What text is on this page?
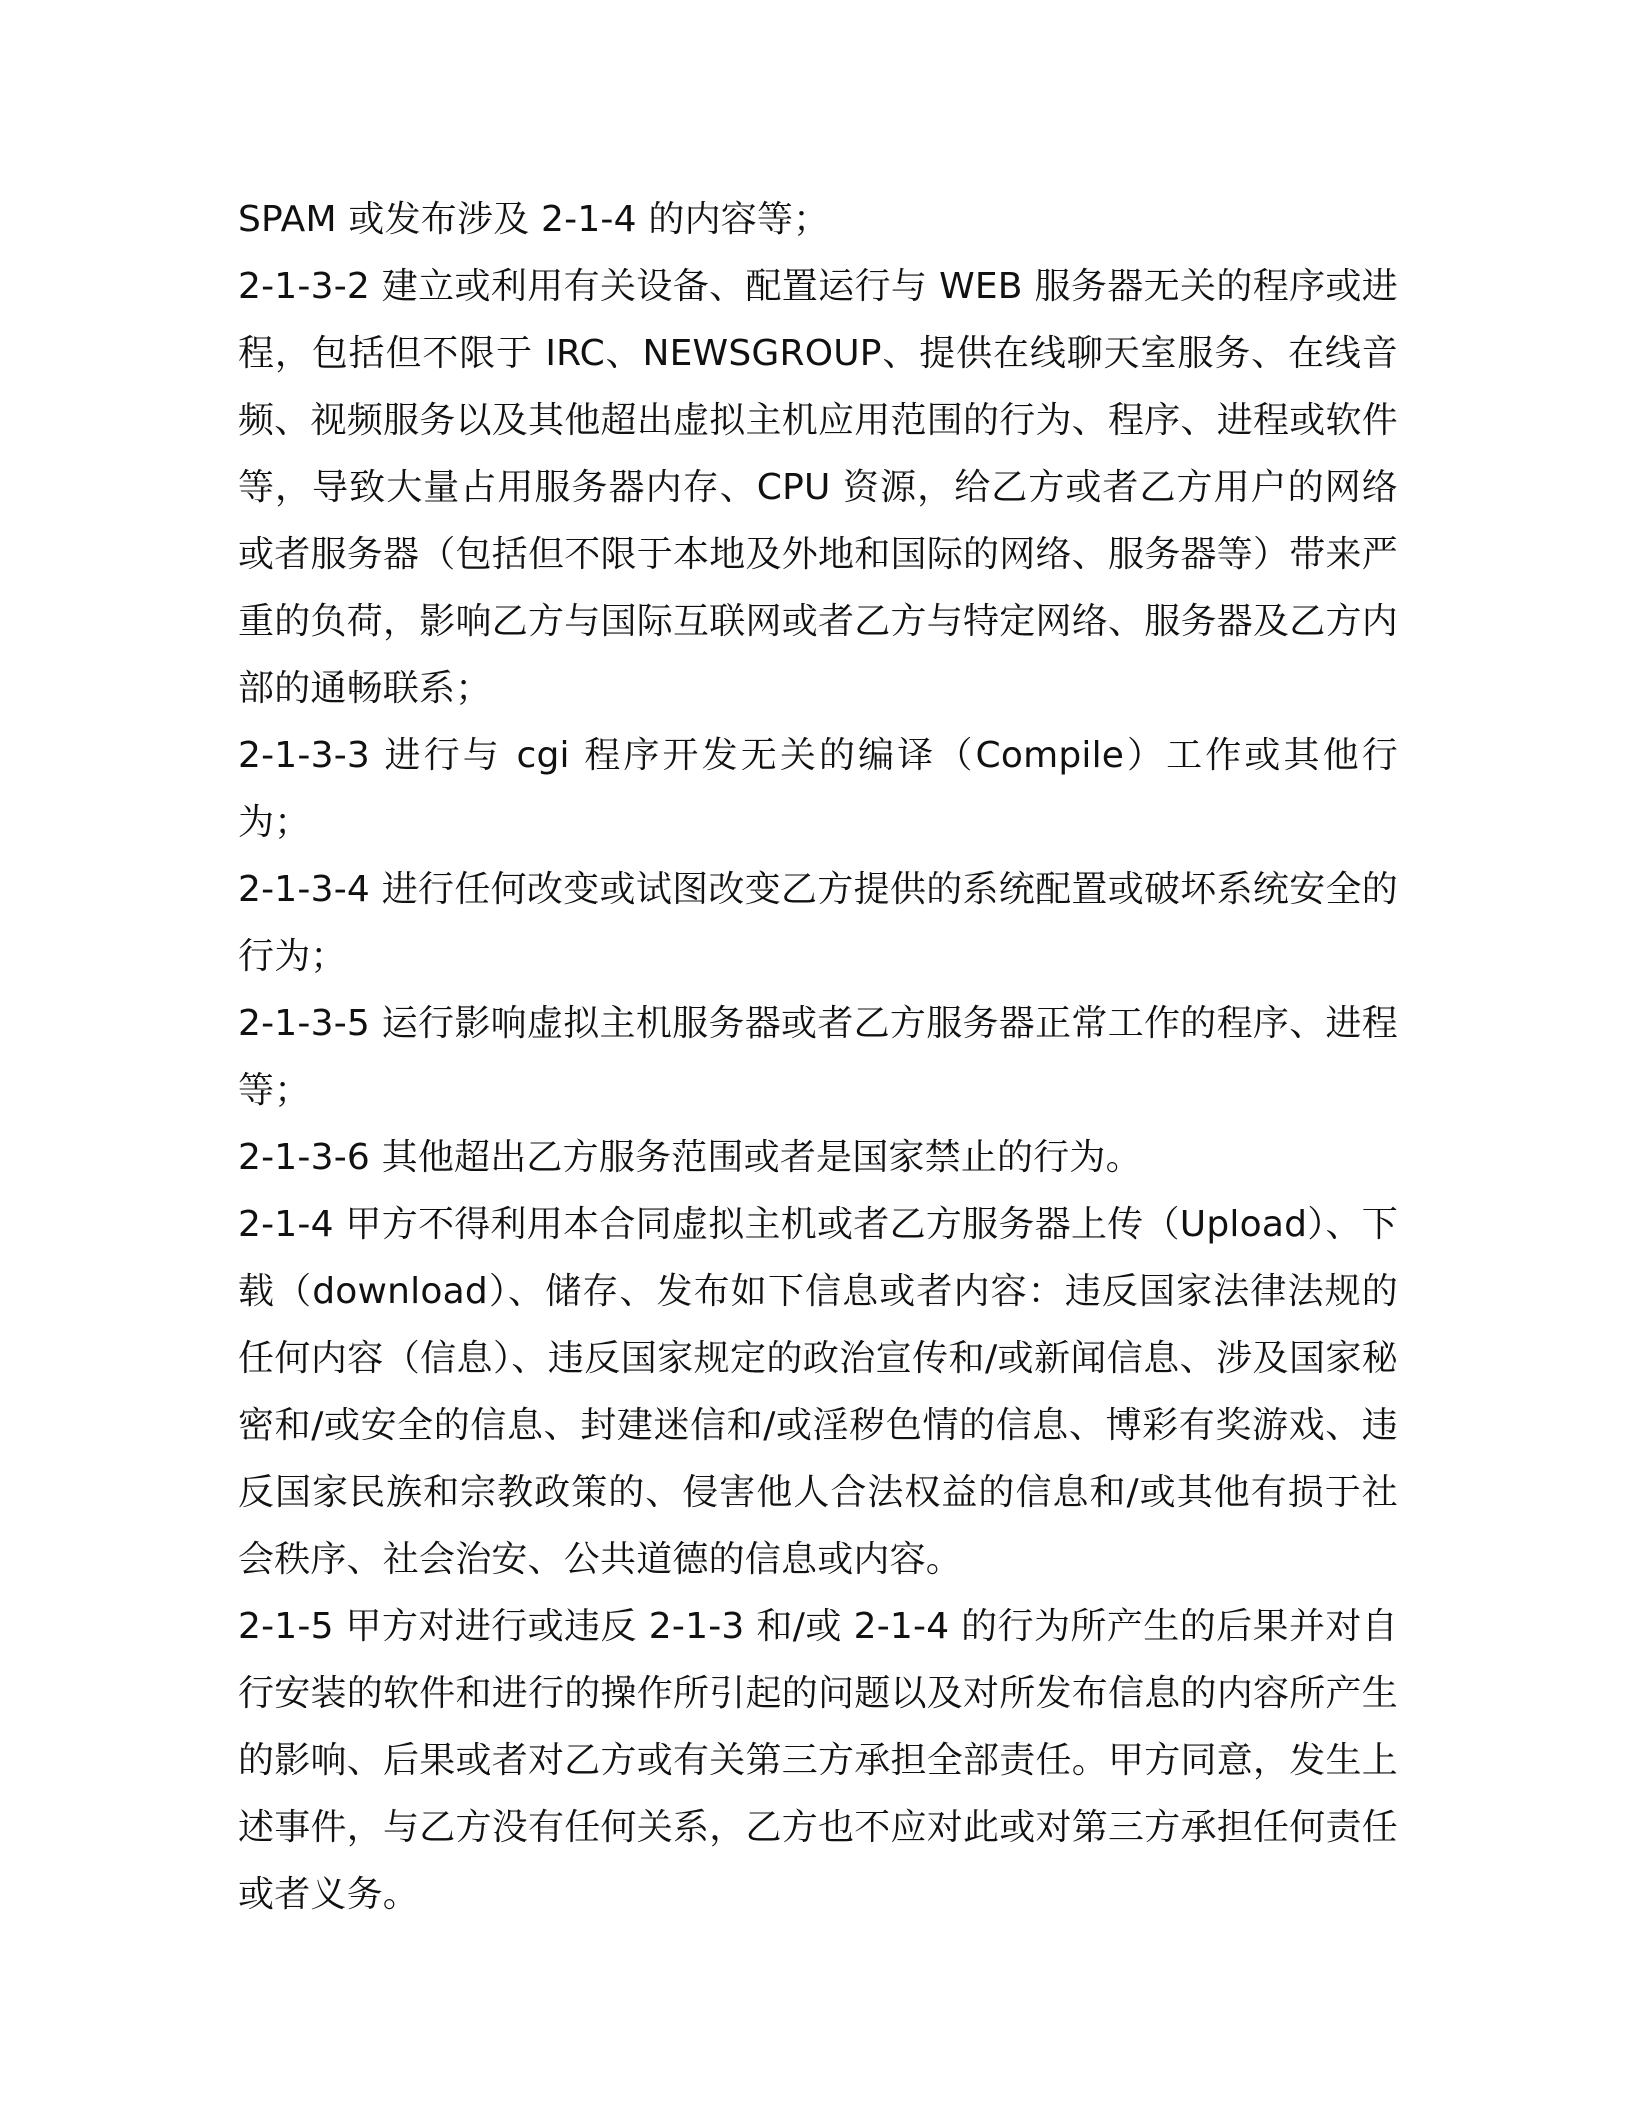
SPAM 或发布涉及 2-1-4 的内容等；

2-1-3-2 建立或利用有关设备、配置运行与 WEB 服务器无关的程序或进程，包括但不限于 IRC、NEWSGROUP、提供在线聊天室服务、在线音频、视频服务以及其他超出虚拟主机应用范围的行为、程序、进程或软件等，导致大量占用服务器内存、CPU 资源，给乙方或者乙方用户的网络或者服务器（包括但不限于本地及外地和国际的网络、服务器等）带来严重的负荷，影响乙方与国际互联网或者乙方与特定网络、服务器及乙方内部的通畅联系；

2-1-3-3 进行与 cgi 程序开发无关的编译（Compile）工作或其他行为；

2-1-3-4 进行任何改变或试图改变乙方提供的系统配置或破坏系统安全的行为；

2-1-3-5 运行影响虚拟主机服务器或者乙方服务器正常工作的程序、进程等；

2-1-3-6 其他超出乙方服务范围或者是国家禁止的行为。

2-1-4 甲方不得利用本合同虚拟主机或者乙方服务器上传（Upload）、下载（download）、储存、发布如下信息或者内容：违反国家法律法规的任何内容（信息）、违反国家规定的政治宣传和/或新闻信息、涉及国家秘密和/或安全的信息、封建迷信和/或淫秽色情的信息、博彩有奖游戏、违反国家民族和宗教政策的、侵害他人合法权益的信息和/或其他有损于社会秩序、社会治安、公共道德的信息或内容。

2-1-5 甲方对进行或违反 2-1-3 和/或 2-1-4 的行为所产生的后果并对自行安装的软件和进行的操作所引起的问题以及对所发布信息的内容所产生的影响、后果或者对乙方或有关第三方承担全部责任。甲方同意，发生上述事件，与乙方没有任何关系，乙方也不应对此或对第三方承担任何责任或者义务。
